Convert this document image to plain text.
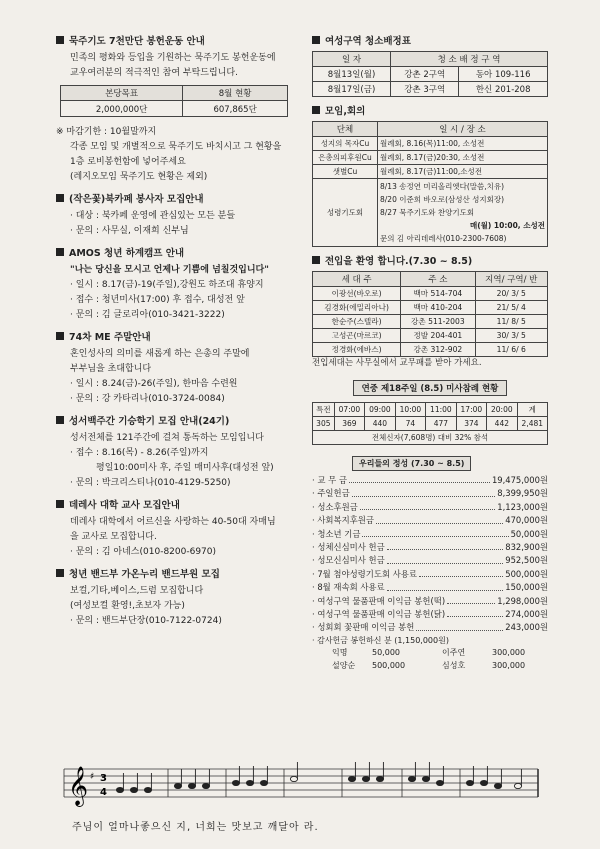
묵주기도 7천만단 봉헌운동 안내

민족의 평화와 등입을 기원하는 묵주기도 봉헌운동에

교우여러분의 적극적인 참여 부탁드립니다.

본당목표	8월 현황
2,000,000단	607,865단

※ 마감기한 : 10월말까지

각종 모임 및 개별적으로 묵주기도 바치시고 그 현황을

1층 로비봉헌함에 넣어주세요

(레지오모임 묵주기도 현황은 제외)

(작은꽃)북카페 봉사자 모집안내

· 대상 : 북카페 운영에 관심있는 모든 분들

· 문의 : 사무실, 이재희 신부님

AMOS 청년 하계캠프 안내

"나는 당신을 모시고 언제나 기쁨에 넘칠것입니다"

· 일시 : 8.17(금)-19(주일),강원도 하조대 휴양지

· 접수 : 청년미사(17:00) 후 접수, 대성전 앞

· 문의 : 김 글로리아(010-3421-3222)

74차 ME 주말안내

혼인성사의 의미를 새롭게 하는 은총의 주말에

부부님을 초대합니다

· 일시 : 8.24(금)-26(주일), 한마음 수련원

· 문의 : 강 카타리나(010-3724-0084)

성서백주간 기승학기 모집 안내(24기)

성서전체를 121주간에 걸쳐 통독하는 모임입니다

· 접수 : 8.16(목) - 8.26(주일)까지

평일10:00미사 후, 주일 매미사후(대성전 앞)

· 문의 : 박크리스티나(010-4129-5250)

데레사 대학 교사 모집안내

데레사 대학에서 어르신을 사랑하는 40-50대 자매님

을 교사로 모집합니다.

· 문의 : 김 아네스(010-8200-6970)

청년 밴드부 가온누리 밴드부원 모집

보컬,기타,베이스,드럼 모집합니다

(여성보컬 환영!,초보자 가능)

· 문의 : 밴드부단장(010-7122-0724)

여성구역 청소배정표
일 자	청 소 배 정 구 역	
8월13일(월)	강촌 2구역	동아 109-116
8월17일(금)	강촌 3구역	한신 201-208
모임,회의
단체	일 시 / 장 소
성지의 목자Cu	월례회, 8.16(목)11:00, 소성전
은총의피후원Cu	월례회, 8.17(금)20:30, 소성전
샛별Cu	월례회, 8.17(금)11:00,소성전
성령기도회	8/13 송정연 미리올리엣다(말씀,치유)
8/20 이준희 바오로(삼성산 성지회장)
8/27 묵주기도와 찬양기도회
매(월) 10:00, 소성전
문의 김 아리데레사(010-2300-7608)
전입을 환영 합니다.(7.30 ~ 8.5)
세 대 주	주 소	지역/ 구역/ 반
이광선(바오로)	백마 514-704	20/ 3/ 5
김경화(에밀리아나)	백마 410-204	21/ 5/ 4
한순주(스텔라)	강촌 511-2003	11/ 8/ 5
고성곤(마르코)	정발 204-401	30/ 3/ 5
정경화(에바스)	강촌 312-902	11/ 6/ 6

전입세대는 사무실에서 교무패를 받아 가세요.

연중 제18주일 (8.5) 미사참례 현황
특전	07:00	09:00	10:00	11:00	17:00	20:00	계
305	369	440	74	477	374	442	2,481
전체신자(7,608명) 대비 32% 참석							
우리들의 정성 (7.30 ~ 8.5)
· 교 무 금	19,475,000원
· 주일헌금	8,399,950원
· 성소후원금	1,123,000원
· 사회복지후원금	470,000원
· 청소년 기금	50,000원
· 성체신심미사 헌금	832,900원
· 성모신심미사 헌금	952,500원
· 7월 첨야성령기도회 사용료	500,000원
· 8월 재속회 사용료	150,000원
· 여성구역 물품판매 이익금 봉헌(떡)	1,298,000원
· 여성구역 물품판매 이익금 봉헌(닭)	274,000원
· 성회회 꽃판매 이익금 봉헌	243,000원
· 감사헌금 봉헌하신 분 (1,150,000원)
익명	50,000	이주연	300,000
설양순	500,000	심성호	300,000
𝄞 ♯ 3
4
주님이 얼마나좋으신 지, 너희는 맛보고 깨달아 라.
